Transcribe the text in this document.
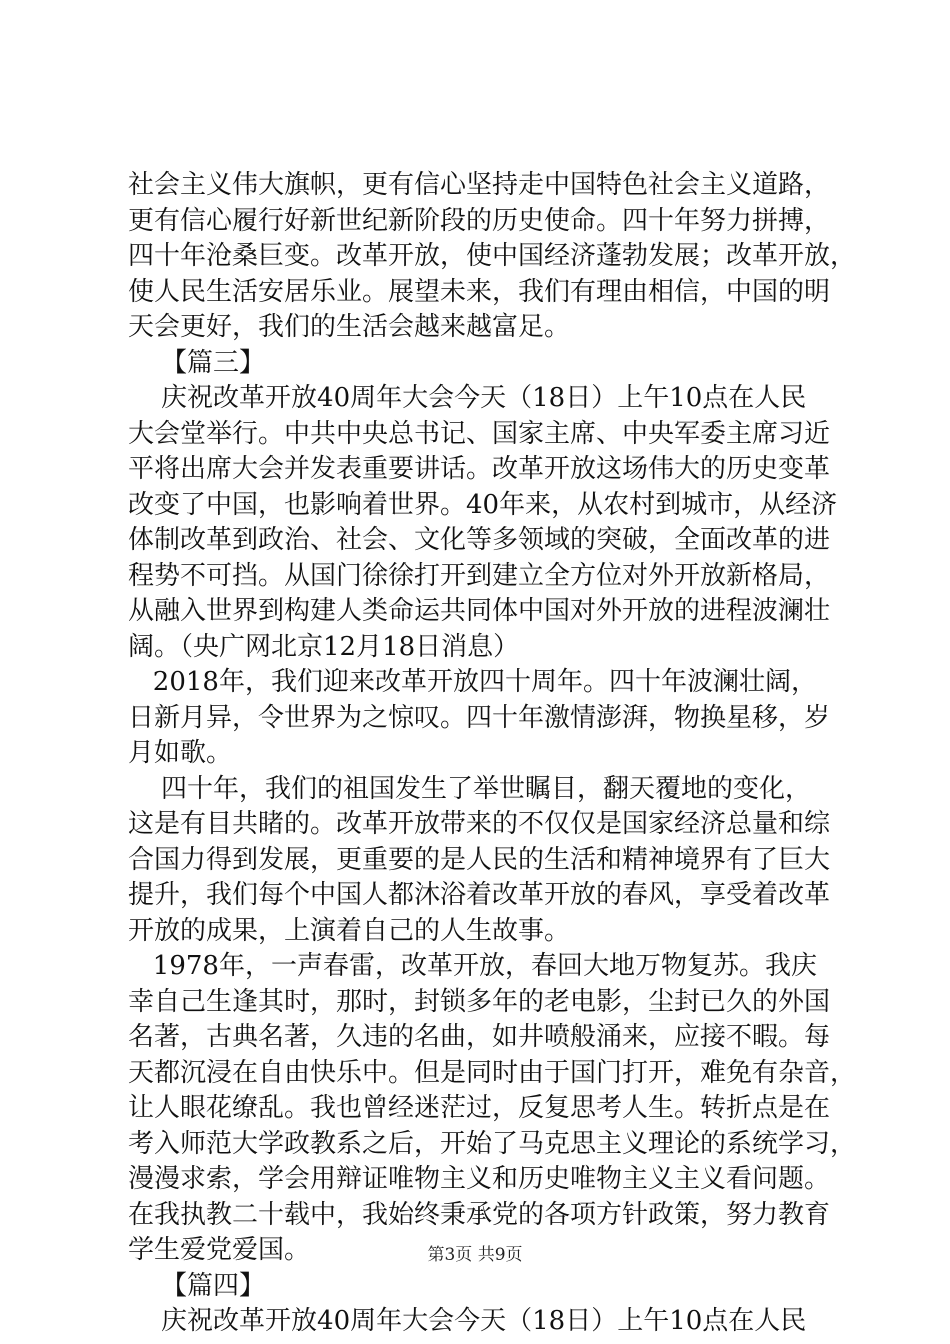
社会主义伟大旗帜，更有信心坚持走中国特色社会主义道路，
更有信心履行好新世纪新阶段的历史使命。四十年努力拼搏，
四十年沧桑巨变。改革开放，使中国经济蓬勃发展；改革开放，
使人民生活安居乐业。展望未来，我们有理由相信，中国的明
天会更好，我们的生活会越来越富足。
【篇三】
庆祝改革开放40周年大会今天（18日）上午10点在人民
大会堂举行。中共中央总书记、国家主席、中央军委主席习近
平将出席大会并发表重要讲话。改革开放这场伟大的历史变革
改变了中国，也影响着世界。40年来，从农村到城市，从经济
体制改革到政治、社会、文化等多领域的突破，全面改革的进
程势不可挡。从国门徐徐打开到建立全方位对外开放新格局，
从融入世界到构建人类命运共同体中国对外开放的进程波澜壮
阔。（央广网北京12月18日消息）
2018年，我们迎来改革开放四十周年。四十年波澜壮阔，
日新月异，令世界为之惊叹。四十年激情澎湃，物换星移，岁
月如歌。
四十年，我们的祖国发生了举世瞩目，翻天覆地的变化，
这是有目共睹的。改革开放带来的不仅仅是国家经济总量和综
合国力得到发展，更重要的是人民的生活和精神境界有了巨大
提升，我们每个中国人都沐浴着改革开放的春风，享受着改革
开放的成果，上演着自己的人生故事。
1978年，一声春雷，改革开放，春回大地万物复苏。我庆
幸自己生逢其时，那时，封锁多年的老电影，尘封已久的外国
名著，古典名著，久违的名曲，如井喷般涌来，应接不暇。每
天都沉浸在自由快乐中。但是同时由于国门打开，难免有杂音，
让人眼花缭乱。我也曾经迷茫过，反复思考人生。转折点是在
考入师范大学政教系之后，开始了马克思主义理论的系统学习，
漫漫求索，学会用辩证唯物主义和历史唯物主义主义看问题。
在我执教二十载中，我始终秉承党的各项方针政策，努力教育
学生爱党爱国。
【篇四】
庆祝改革开放40周年大会今天（18日）上午10点在人民
第3页 共9页
